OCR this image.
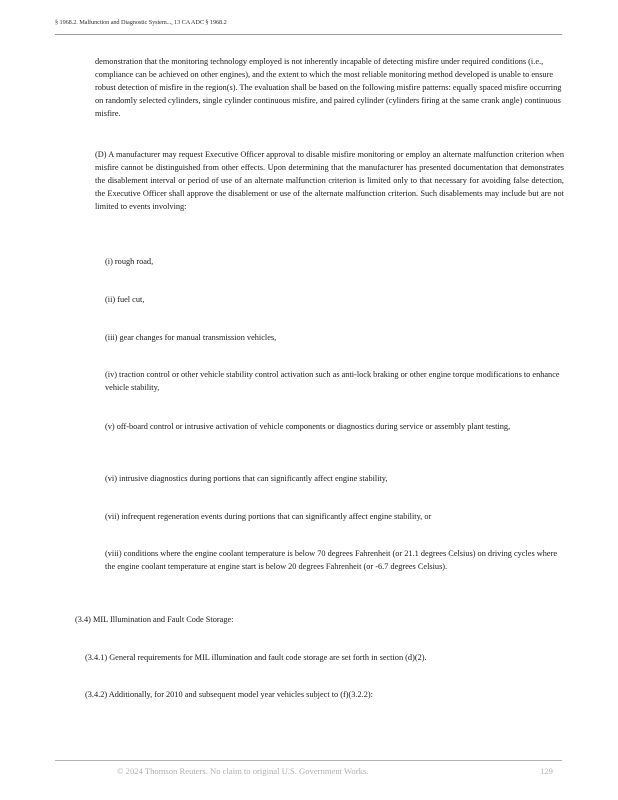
§ 1968.2. Malfunction and Diagnostic System..., 13 CA ADC § 1968.2

demonstration that the monitoring technology employed is not inherently incapable of detecting misfire under required conditions (i.e., compliance can be achieved on other engines), and the extent to which the most reliable monitoring method developed is unable to ensure robust detection of misfire in the region(s). The evaluation shall be based on the following misfire patterns: equally spaced misfire occurring on randomly selected cylinders, single cylinder continuous misfire, and paired cylinder (cylinders firing at the same crank angle) continuous misfire.

(D) A manufacturer may request Executive Officer approval to disable misfire monitoring or employ an alternate malfunction criterion when misfire cannot be distinguished from other effects. Upon determining that the manufacturer has presented documentation that demonstrates the disablement interval or period of use of an alternate malfunction criterion is limited only to that necessary for avoiding false detection, the Executive Officer shall approve the disablement or use of the alternate malfunction criterion. Such disablements may include but are not limited to events involving:

(i) rough road,

(ii) fuel cut,

(iii) gear changes for manual transmission vehicles,

(iv) traction control or other vehicle stability control activation such as anti-lock braking or other engine torque modifications to enhance vehicle stability,

(v) off-board control or intrusive activation of vehicle components or diagnostics during service or assembly plant testing,

(vi) intrusive diagnostics during portions that can significantly affect engine stability,

(vii) infrequent regeneration events during portions that can significantly affect engine stability, or

(viii) conditions where the engine coolant temperature is below 70 degrees Fahrenheit (or 21.1 degrees Celsius) on driving cycles where the engine coolant temperature at engine start is below 20 degrees Fahrenheit (or -6.7 degrees Celsius).

(3.4) MIL Illumination and Fault Code Storage:

(3.4.1) General requirements for MIL illumination and fault code storage are set forth in section (d)(2).

(3.4.2) Additionally, for 2010 and subsequent model year vehicles subject to (f)(3.2.2):

© 2024 Thomson Reuters. No claim to original U.S. Government Works.	129
